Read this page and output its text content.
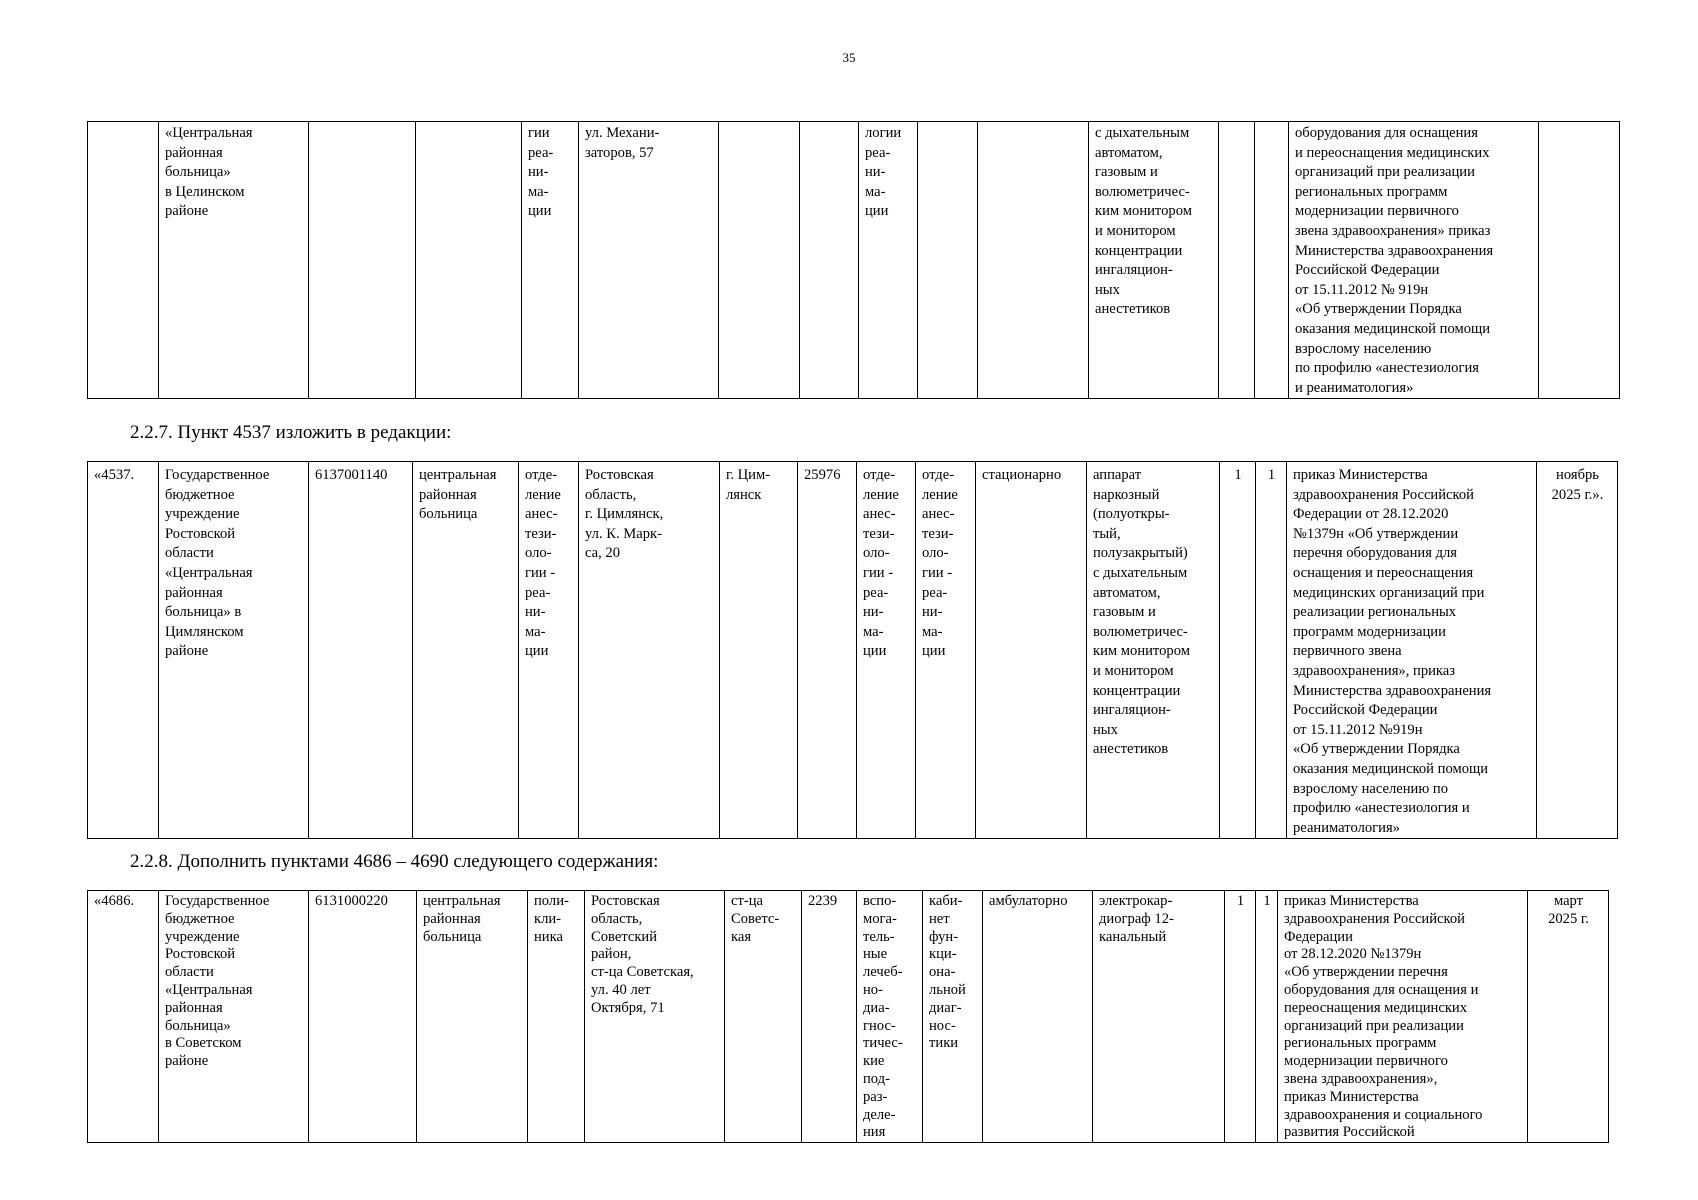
35
	«Центральная
районная
больница»
в Целинском
районе			гии
реа-
ни-
ма-
ции	ул. Механи-
заторов, 57			логии
реа-
ни-
ма-
ции			с дыхательным
автоматом,
газовым и
волюметричес-
ким монитором
и монитором
концентрации
ингаляцион-
ных
анестетиков			оборудования для оснащения
и переоснащения медицинских
организаций при реализации
региональных программ
модернизации первичного
звена здравоохранения» приказ
Министерства здравоохранения
Российской Федерации
от 15.11.2012 № 919н
«Об утверждении Порядка
оказания медицинской помощи
взрослому населению
по профилю «анестезиология
и реаниматология»	
2.2.7. Пункт 4537 изложить в редакции:
«4537.	Государственное
бюджетное
учреждение
Ростовской
области
«Центральная
районная
больница» в
Цимлянском
районе	6137001140	центральная
районная
больница	отде-
ление
анес-
тези-
оло-
гии -
реа-
ни-
ма-
ции	Ростовская
область,
г. Цимлянск,
ул. К. Марк-
са, 20	г. Цим-
лянск	25976	отде-
ление
анес-
тези-
оло-
гии -
реа-
ни-
ма-
ции	отде-
ление
анес-
тези-
оло-
гии -
реа-
ни-
ма-
ции	стационарно	аппарат
наркозный
(полуоткры-
тый,
полузакрытый)
с дыхательным
автоматом,
газовым и
волюметричес-
ким монитором
и монитором
концентрации
ингаляцион-
ных
анестетиков	1	1	приказ Министерства
здравоохранения Российской
Федерации от 28.12.2020
№1379н «Об утверждении
перечня оборудования для
оснащения и переоснащения
медицинских организаций при
реализации региональных
программ модернизации
первичного звена
здравоохранения», приказ
Министерства здравоохранения
Российской Федерации
от 15.11.2012 №919н
«Об утверждении Порядка
оказания медицинской помощи
взрослому населению по
профилю «анестезиология и
реаниматология»	ноябрь
2025 г.».
2.2.8. Дополнить пунктами 4686 – 4690 следующего содержания:
«4686.	Государственное
бюджетное
учреждение
Ростовской
области
«Центральная
районная
больница»
в Советском
районе	6131000220	центральная
районная
больница	поли-
кли-
ника	Ростовская
область,
Советский
район,
ст-ца Советская,
ул. 40 лет
Октября, 71	ст-ца
Советс-
кая	2239	вспо-
мога-
тель-
ные
лечеб-
но-
диа-
гнос-
тичес-
кие
под-
раз-
деле-
ния	каби-
нет
фун-
кци-
она-
льной
диаг-
нос-
тики	амбулаторно	электрокар-
диограф 12-
канальный	1	1	приказ Министерства
здравоохранения Российской
Федерации
от 28.12.2020 №1379н
«Об утверждении перечня
оборудования для оснащения и
переоснащения медицинских
организаций при реализации
региональных программ
модернизации первичного
звена здравоохранения»,
приказ Министерства
здравоохранения и социального
развития Российской	март
2025 г.
